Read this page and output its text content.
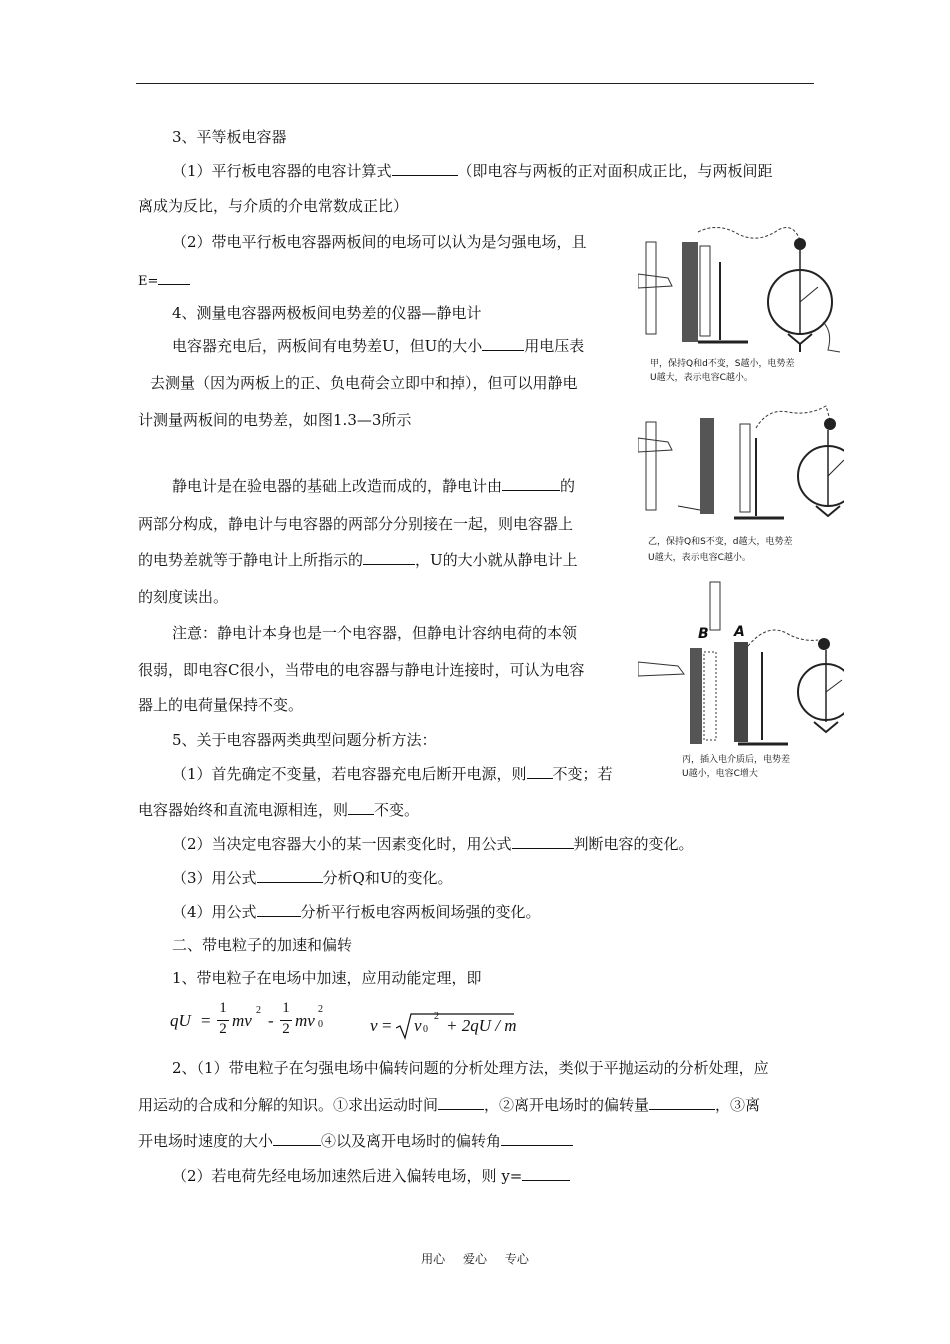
3、平等板电容器
（1）平行板电容器的电容计算式	（即电容与两板的正对面积成正比，与两板间距
离成为反比，与介质的介电常数成正比）
（2）带电平行板电容器两板间的电场可以认为是匀强电场，且
E=
4、测量电容器两极板间电势差的仪器—静电计
电容器充电后，两板间有电势差U，但U的大小	用电压表
去测量（因为两板上的正、负电荷会立即中和掉），但可以用静电
计测量两板间的电势差，如图1.3—3所示
静电计是在验电器的基础上改造而成的，静电计由	的
两部分构成，静电计与电容器的两部分分别接在一起，则电容器上
的电势差就等于静电计上所指示的	，U的大小就从静电计上
的刻度读出。
注意：静电计本身也是一个电容器，但静电计容纳电荷的本领
很弱，即电容C很小，当带电的电容器与静电计连接时，可认为电容
器上的电荷量保持不变。
5、关于电容器两类典型问题分析方法：
（1）首先确定不变量，若电容器充电后断开电源，则 不变；若
电容器始终和直流电源相连，则 不变。
（2）当决定电容器大小的某一因素变化时，用公式	判断电容的变化。
（3）用公式	分析Q和U的变化。
（4）用公式	分析平行板电容两板间场强的变化。
二、带电粒子的加速和偏转
1、带电粒子在电场中加速，应用动能定理，即
qU =
1
2 mv
2
-
1
2 mv
2
0	v = v 0
2 + 2qU / m
2、（1）带电粒子在匀强电场中偏转问题的分析处理方法，类似于平抛运动的分析处理，应
用运动的合成和分解的知识。①求出运动时间	，②离开电场时的偏转量	，③离
开电场时速度的大小	④以及离开电场时的偏转角
（2）若电荷先经电场加速然后进入偏转电场，则 y=
甲，保持Q和d不变，S越小，电势差
U越大，表示电容C越小。
乙，保持Q和S不变，d越大，电势差
U越大，表示电容C越小。
B A
丙，插入电介质后，电势差
U越小，电容C增大
用心 爱心 专心
